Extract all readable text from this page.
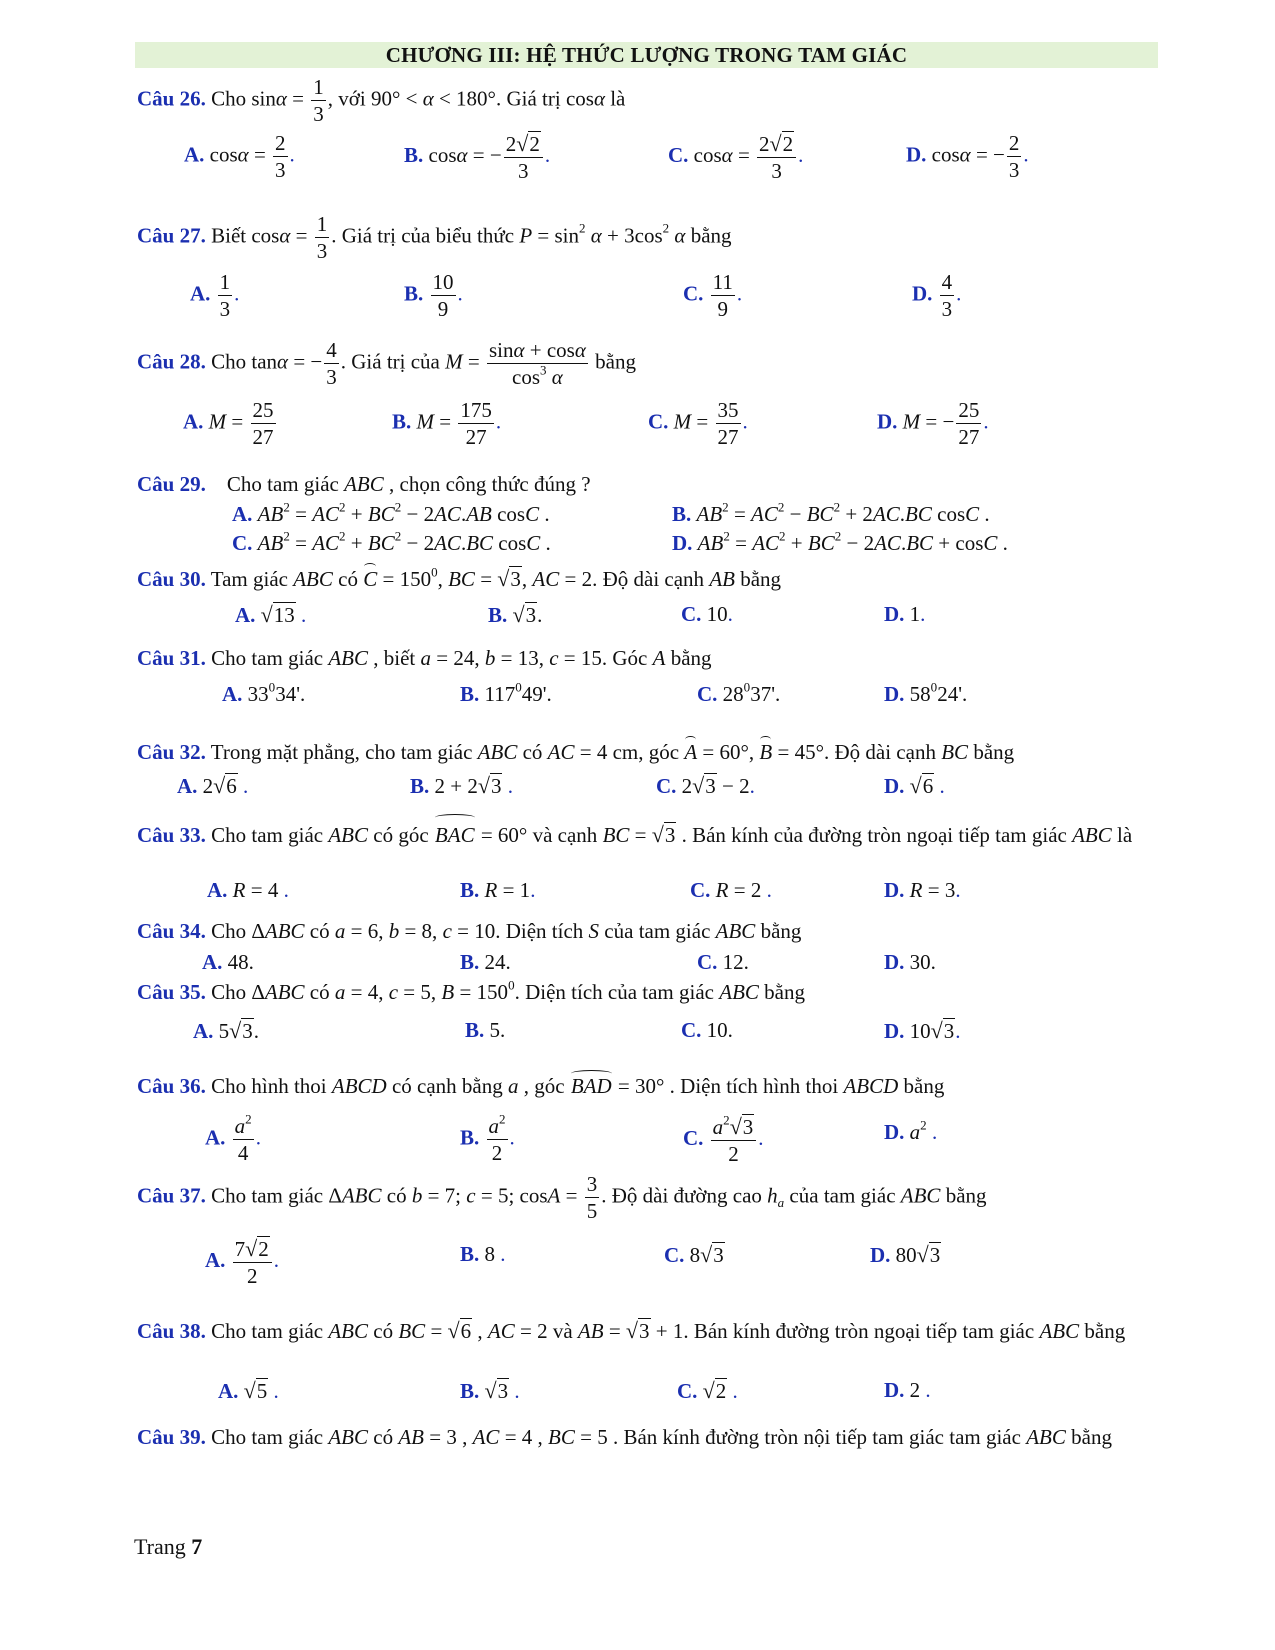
CHƯƠNG III: HỆ THỨC LƯỢNG TRONG TAM GIÁC
Câu 26. Cho $\sin\alpha = \frac{1}{3}$ , với 90° < α < 180°. Giá trị cosα là
A. $\cos\alpha = \frac{2}{3}$ .	B. cosα = − $\frac{2√2}{3}$ .	C. $\cos\alpha = \frac{2√2}{3}$ .	D. cosα = − $\frac{2}{3}$ .
Câu 27. Biết $\cos\alpha = \frac{1}{3}$ . Giá trị của biểu thức $P = \sin^2 \alpha + 3\cos^2$ α bằng
A. $\frac{1}{3}$ .	B. $\frac{10}{9}$ .	C. $\frac{11}{9}$ .	D. $\frac{4}{3}$ .
Câu 28. Cho tanα = − $\frac{4}{3}$ . Giá trị của $M = \frac{\sin\alpha + \cos\alpha}{\cos^3 \alpha}$ bằng
A. $M = \frac{25}{27}$	B. $M = \frac{175}{27}$ .	C. $M = \frac{35}{27}$ .	D. M = − $\frac{25}{27}$ .
Câu 29.    Cho tam giác ABC , chọn công thức đúng ?
A. $AB^2 = AC^2 + BC^2 - 2AC.AB$ cosC .	B. $AB^2 = AC^2 - BC^2 + 2AC.BC$ cosC .
C. $AB^2 = AC^2 + BC^2 - 2AC.BC$ cosC .	D. $AB^2 = AC^2 + BC^2 - 2AC.BC + \cos C$ .
Câu 30. Tam giác ABC có $C = 150^0$, BC = √3, AC = 2. Độ dài cạnh AB bằng
A. √13 .	B. √3.	C. 10.	D. 1.
Câu 31. Cho tam giác ABC , biết a = 24, b = 13, c = 15. Góc A bằng
A. $33^034'$.	B. $117^049'$.	C. $28^037'$.	D. $58^024'$.
Câu 32. Trong mặt phẳng, cho tam giác ABC có AC = 4 cm, góc A = 60°, B = 45°. Độ dài cạnh BC bằng
A. 2√6 .	B. 2 + 2√3 .	C. 2√3 − 2.	D. √6 .
Câu 33. Cho tam giác ABC có góc BAC = 60° và cạnh BC = √3 . Bán kính của đường tròn ngoại tiếp tam giác ABC là
A. R = 4 .	B. R = 1.	C. R = 2 .	D. R = 3.
Câu 34. Cho ΔABC có a = 6, b = 8, c = 10. Diện tích S của tam giác ABC bằng
A. 48.	B. 24.	C. 12.	D. 30.
Câu 35. Cho ΔABC có a = 4, c = 5, $B = 150^0$. Diện tích của tam giác ABC bằng
A. 5√3.	B. 5.	C. 10.	D. 10√3.
Câu 36. Cho hình thoi ABCD có cạnh bằng a , góc BAD = 30° . Diện tích hình thoi ABCD bằng
A. $\frac{a^2}{4}$ .	B. $\frac{a^2}{2}$ .	C. $\frac{a^2√3}{2}$ .	D. $a^2$ .
Câu 37. Cho tam giác ΔABC có b = 7; c = 5; $\cos A = \frac{3}{5}$ . Độ dài đường cao $h_a$ của tam giác ABC bằng
A. $\frac{7√2}{2}$ .	B. 8 .	C. 8√3	D. 80√3
Câu 38. Cho tam giác ABC có BC = √6 , AC = 2 và AB = √3 + 1. Bán kính đường tròn ngoại tiếp tam giác ABC bằng
A. √5 .	B. √3 .	C. √2 .	D. 2 .
Câu 39. Cho tam giác ABC có AB = 3 , AC = 4 , BC = 5 . Bán kính đường tròn nội tiếp tam giác tam giác ABC bằng
Trang 7
